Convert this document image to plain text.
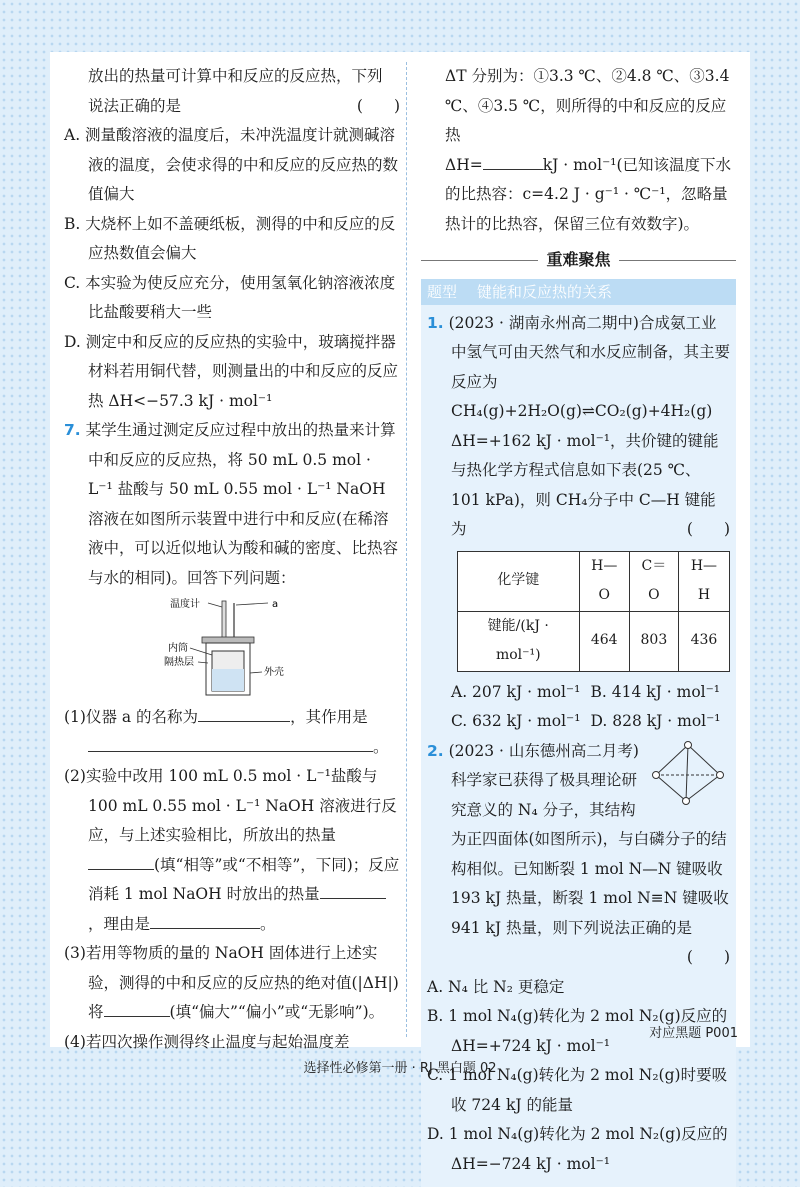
放出的热量可计算中和反应的反应热，下列

说法正确的是	(　　)

A. 测量酸溶液的温度后，未冲洗温度计就测碱溶液的温度，会使求得的中和反应的反应热的数值偏大

B. 大烧杯上如不盖硬纸板，测得的中和反应的反应热数值会偏大

C. 本实验为使反应充分，使用氢氧化钠溶液浓度比盐酸要稍大一些

D. 测定中和反应的反应热的实验中，玻璃搅拌器材料若用铜代替，则测量出的中和反应的反应热 ΔH<−57.3 kJ · mol⁻¹

7. 某学生通过测定反应过程中放出的热量来计算中和反应的反应热，将 50 mL 0.5 mol · L⁻¹ 盐酸与 50 mL 0.55 mol · L⁻¹ NaOH 溶液在如图所示装置中进行中和反应(在稀溶液中，可以近似地认为酸和碱的密度、比热容与水的相同)。回答下列问题：

温度计	a
内筒
隔热层
外壳

(1)仪器 a 的名称为	，其作用是

。

(2)实验中改用 100 mL 0.5 mol · L⁻¹盐酸与 100 mL 0.55 mol · L⁻¹ NaOH 溶液进行反应，与上述实验相比，所放出的热量(填“相等”或“不相等”，下同)；反应消耗 1 mol NaOH 时放出的热量，理由是	。

(3)若用等物质的量的 NaOH 固体进行上述实验，测得的中和反应的反应热的绝对值(|ΔH|)将	(填“偏大”“偏小”或“无影响”)。

(4)若四次操作测得终止温度与起始温度差

ΔT 分别为：①3.3 ℃、②4.8 ℃、③3.4 ℃、④3.5 ℃，则所得的中和反应的反应热

ΔH=	kJ · mol⁻¹(已知该温度下水的比热容：c=4.2 J · g⁻¹ · ℃⁻¹，忽略量热计的比热容，保留三位有效数字)。

重难聚焦
题型 键能和反应热的关系

1. (2023 · 湖南永州高二期中)合成氨工业中氢气可由天然气和水反应制备，其主要反应为CH₄(g)+2H₂O(g)⇌CO₂(g)+4H₂(g)

ΔH=+162 kJ · mol⁻¹，共价键的键能与热化学方程式信息如下表(25 ℃、101 kPa)，则 CH₄分子中 C—H 键能为	(　　)

化学键	H—O	C＝O	H—H
键能/(kJ · mol⁻¹)	464	803	436
A. 207 kJ · mol⁻¹ B. 414 kJ · mol⁻¹
C. 632 kJ · mol⁻¹ D. 828 kJ · mol⁻¹

2. (2023 · 山东德州高二月考)科学家已获得了极具理论研究意义的 N₄ 分子，其结构为正四面体(如图所示)，与白磷分子的结构相似。已知断裂 1 mol N—N 键吸收 193 kJ 热量，断裂 1 mol N≡N 键吸收 941 kJ 热量，则下列说法正确的是

(　　)

A. N₄ 比 N₂ 更稳定

B. 1 mol N₄(g)转化为 2 mol N₂(g)反应的 ΔH=+724 kJ · mol⁻¹

C. 1 mol N₄(g)转化为 2 mol N₂(g)时要吸收 724 kJ 的能量

D. 1 mol N₄(g)转化为 2 mol N₂(g)反应的 ΔH=−724 kJ · mol⁻¹

对应黑题 P001
选择性必修第一册 · RJ 黑白题 02
